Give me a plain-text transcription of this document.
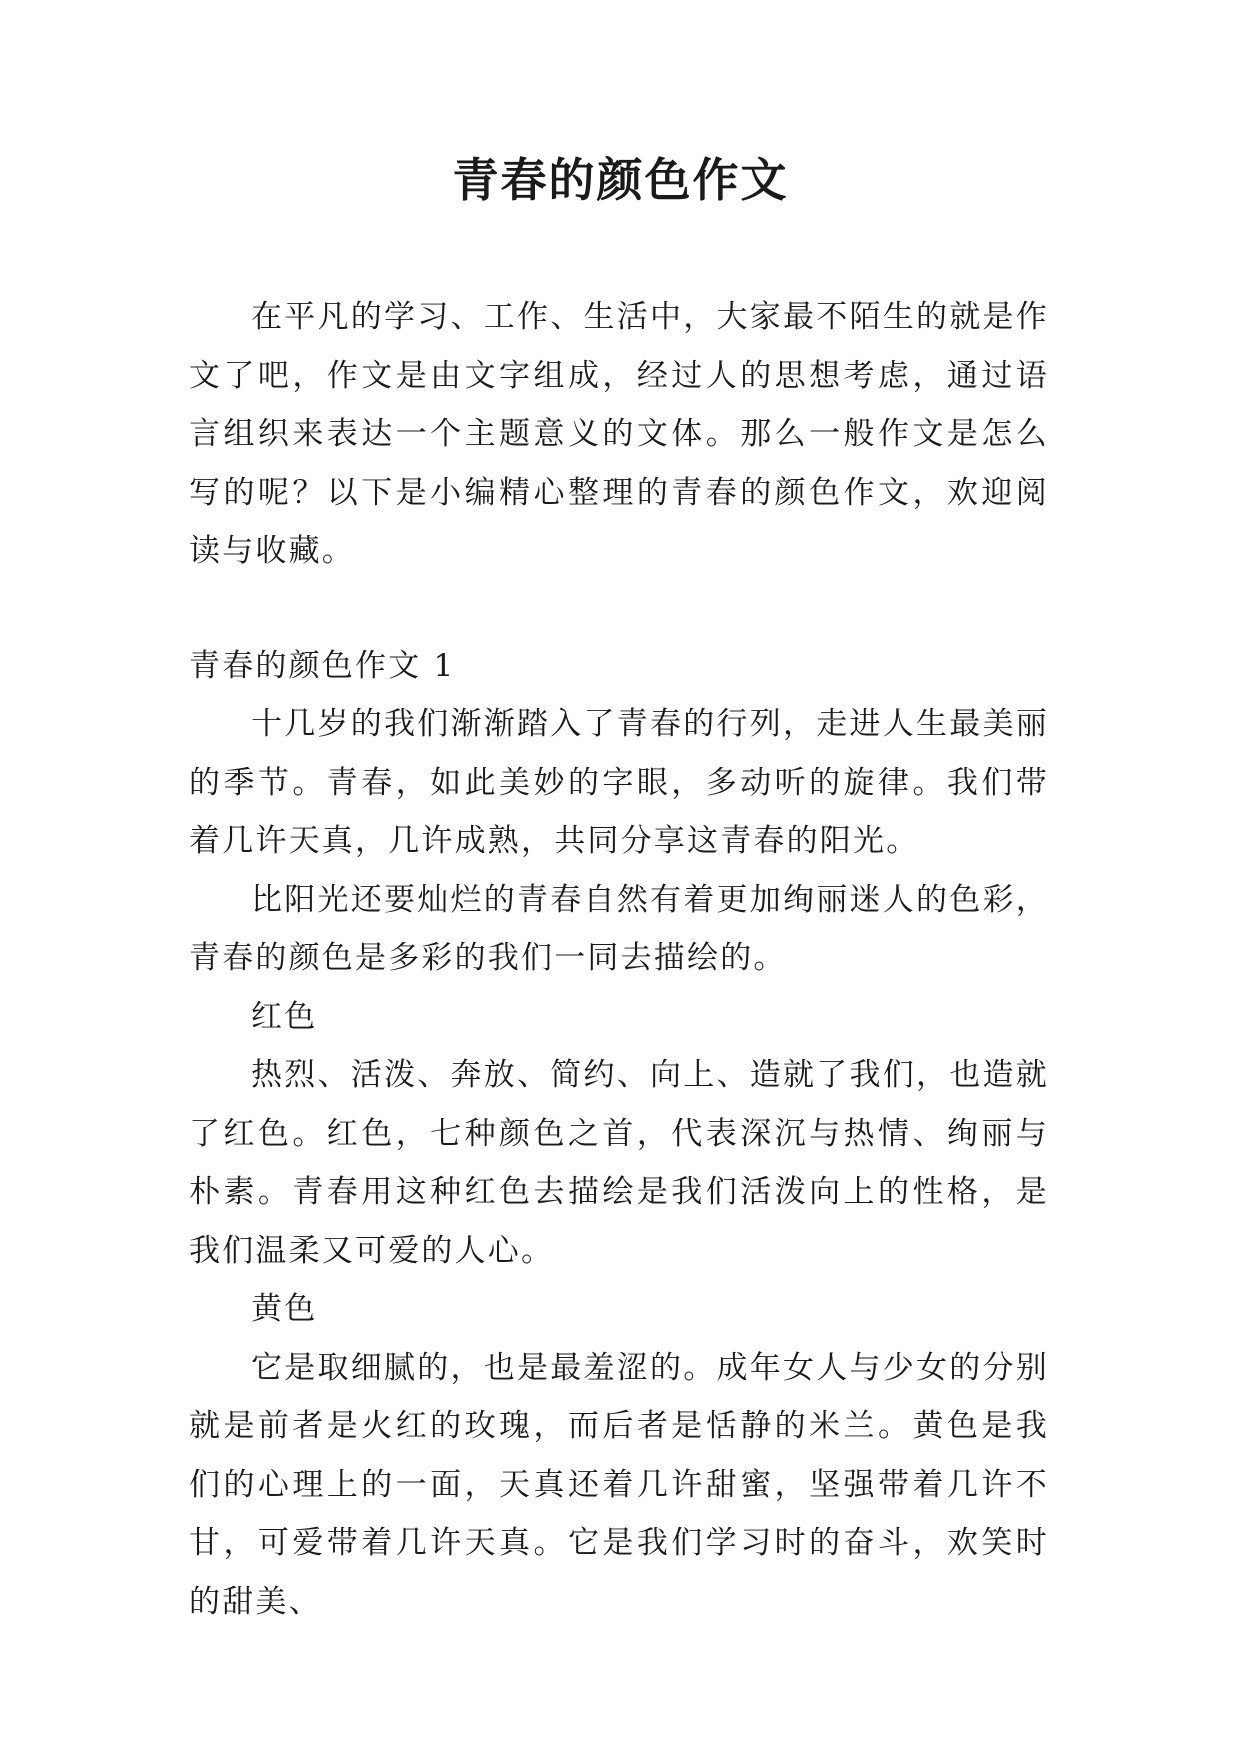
青春的颜色作文

在平凡的学习、工作、生活中，大家最不陌生的就是作文了吧，作文是由文字组成，经过人的思想考虑，通过语言组织来表达一个主题意义的文体。那么一般作文是怎么写的呢？以下是小编精心整理的青春的颜色作文，欢迎阅读与收藏。

青春的颜色作文 1

十几岁的我们渐渐踏入了青春的行列，走进人生最美丽的季节。青春，如此美妙的字眼，多动听的旋律。我们带着几许天真，几许成熟，共同分享这青春的阳光。

比阳光还要灿烂的青春自然有着更加绚丽迷人的色彩，青春的颜色是多彩的我们一同去描绘的。

红色

热烈、活泼、奔放、简约、向上、造就了我们，也造就了红色。红色，七种颜色之首，代表深沉与热情、绚丽与朴素。青春用这种红色去描绘是我们活泼向上的性格，是我们温柔又可爱的人心。

黄色

它是取细腻的，也是最羞涩的。成年女人与少女的分别就是前者是火红的玫瑰，而后者是恬静的米兰。黄色是我们的心理上的一面，天真还着几许甜蜜，坚强带着几许不甘，可爱带着几许天真。它是我们学习时的奋斗，欢笑时的甜美、
